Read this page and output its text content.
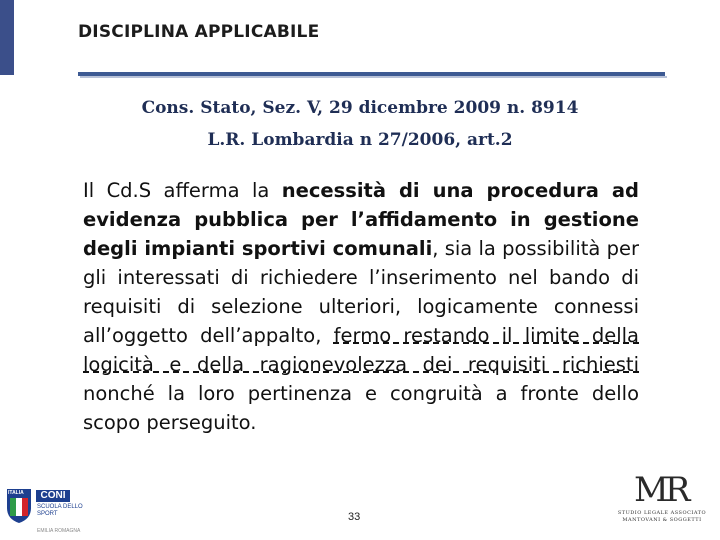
DISCIPLINA APPLICABILE
Cons. Stato, Sez. V, 29 dicembre 2009 n. 8914
L.R. Lombardia n 27/2006, art.2
Il Cd.S afferma la necessità di una procedura ad evidenza pubblica per l’affidamento in gestione degli impianti sportivi comunali, sia la possibilità per gli interessati di richiedere l’inserimento nel bando di requisiti di selezione ulteriori, logicamente connessi all’oggetto dell’appalto, fermo restando il limite della logicità e della ragionevolezza dei requisiti richiesti nonché la loro pertinenza e congruità a fronte dello scopo perseguito.
ITALIA	CONI
SCUOLA DELLO SPORT
EMILIA ROMAGNA
33
MR
STUDIO LEGALE ASSOCIATO
MANTOVANI & SOGGETTI
